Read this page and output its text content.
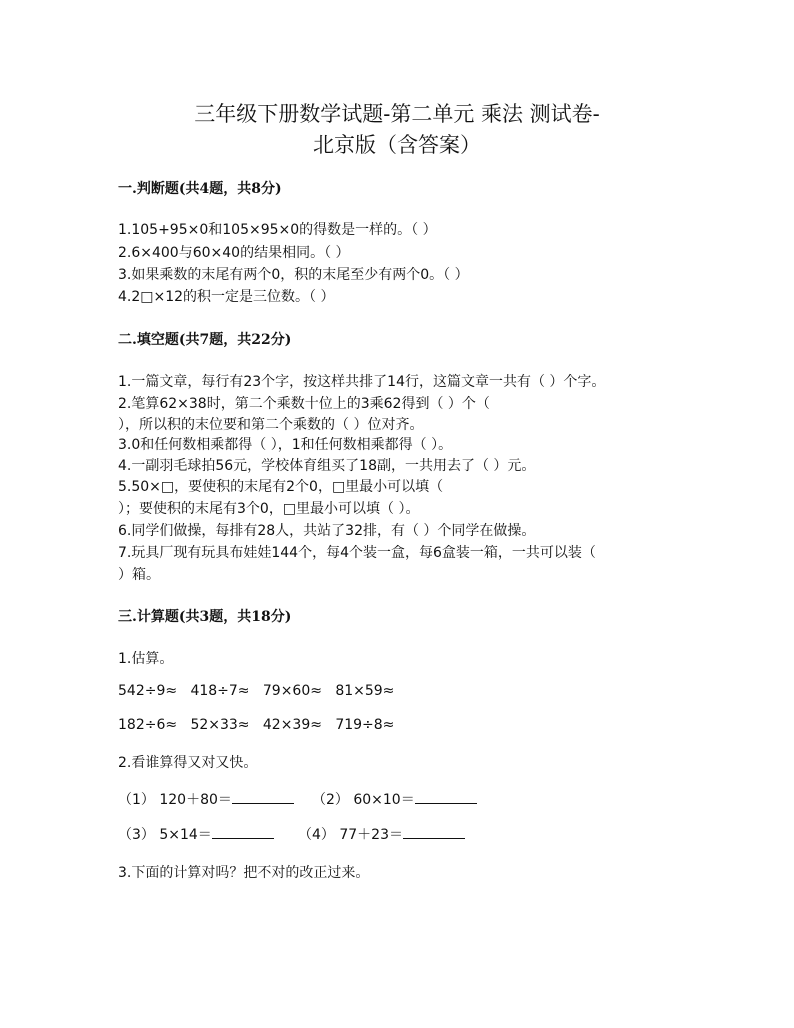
三年级下册数学试题-第二单元 乘法 测试卷-
北京版（含答案）
一.判断题(共4题，共8分)
1.105+95×0和105×95×0的得数是一样的。（ ）
2.6×400与60×40的结果相同。（ ）
3.如果乘数的末尾有两个0，积的末尾至少有两个0。（ ）
4.2□×12的积一定是三位数。（ ）
二.填空题(共7题，共22分)
1.一篇文章，每行有23个字，按这样共排了14行，这篇文章一共有（ ）个字。
2.笔算62×38时，第二个乘数十位上的3乘62得到（ ）个（
），所以积的末位要和第二个乘数的（ ）位对齐。
3.0和任何数相乘都得（ ），1和任何数相乘都得（ ）。
4.一副羽毛球拍56元，学校体育组买了18副，一共用去了（ ）元。
5.50×□，要使积的末尾有2个0，□里最小可以填（
）；要使积的末尾有3个0，□里最小可以填（ ）。
6.同学们做操，每排有28人，共站了32排，有（ ）个同学在做操。
7.玩具厂现有玩具布娃娃144个，每4个装一盒，每6盒装一箱，一共可以装（
）箱。
三.计算题(共3题，共18分)
1.估算。
542÷9≈   418÷7≈   79×60≈   81×59≈
182÷6≈   52×33≈   42×39≈   719÷8≈
2.看谁算得又对又快。
（1） 120＋80＝	（2） 60×10＝
（3） 5×14＝	（4） 77＋23＝
3.下面的计算对吗？把不对的改正过来。
